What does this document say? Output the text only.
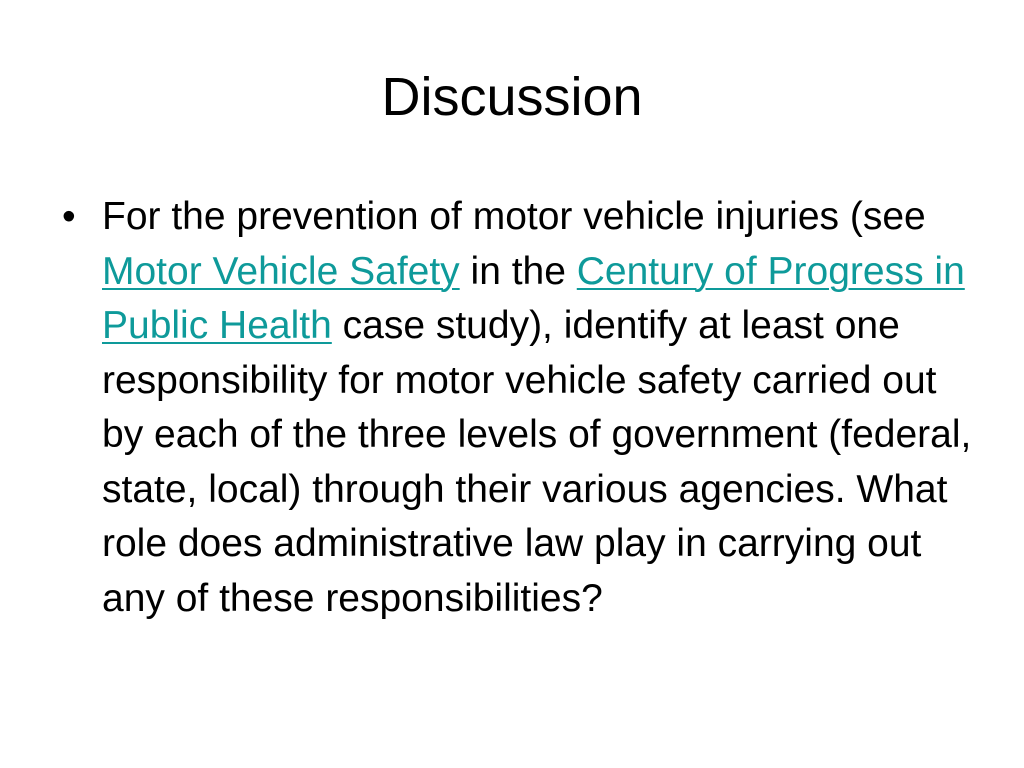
Discussion
• For the prevention of motor vehicle injuries (see Motor Vehicle Safety in the Century of Progress in Public Health case study), identify at least one responsibility for motor vehicle safety carried out by each of the three levels of government (federal, state, local) through their various agencies. What role does administrative law play in carrying out any of these responsibilities?
